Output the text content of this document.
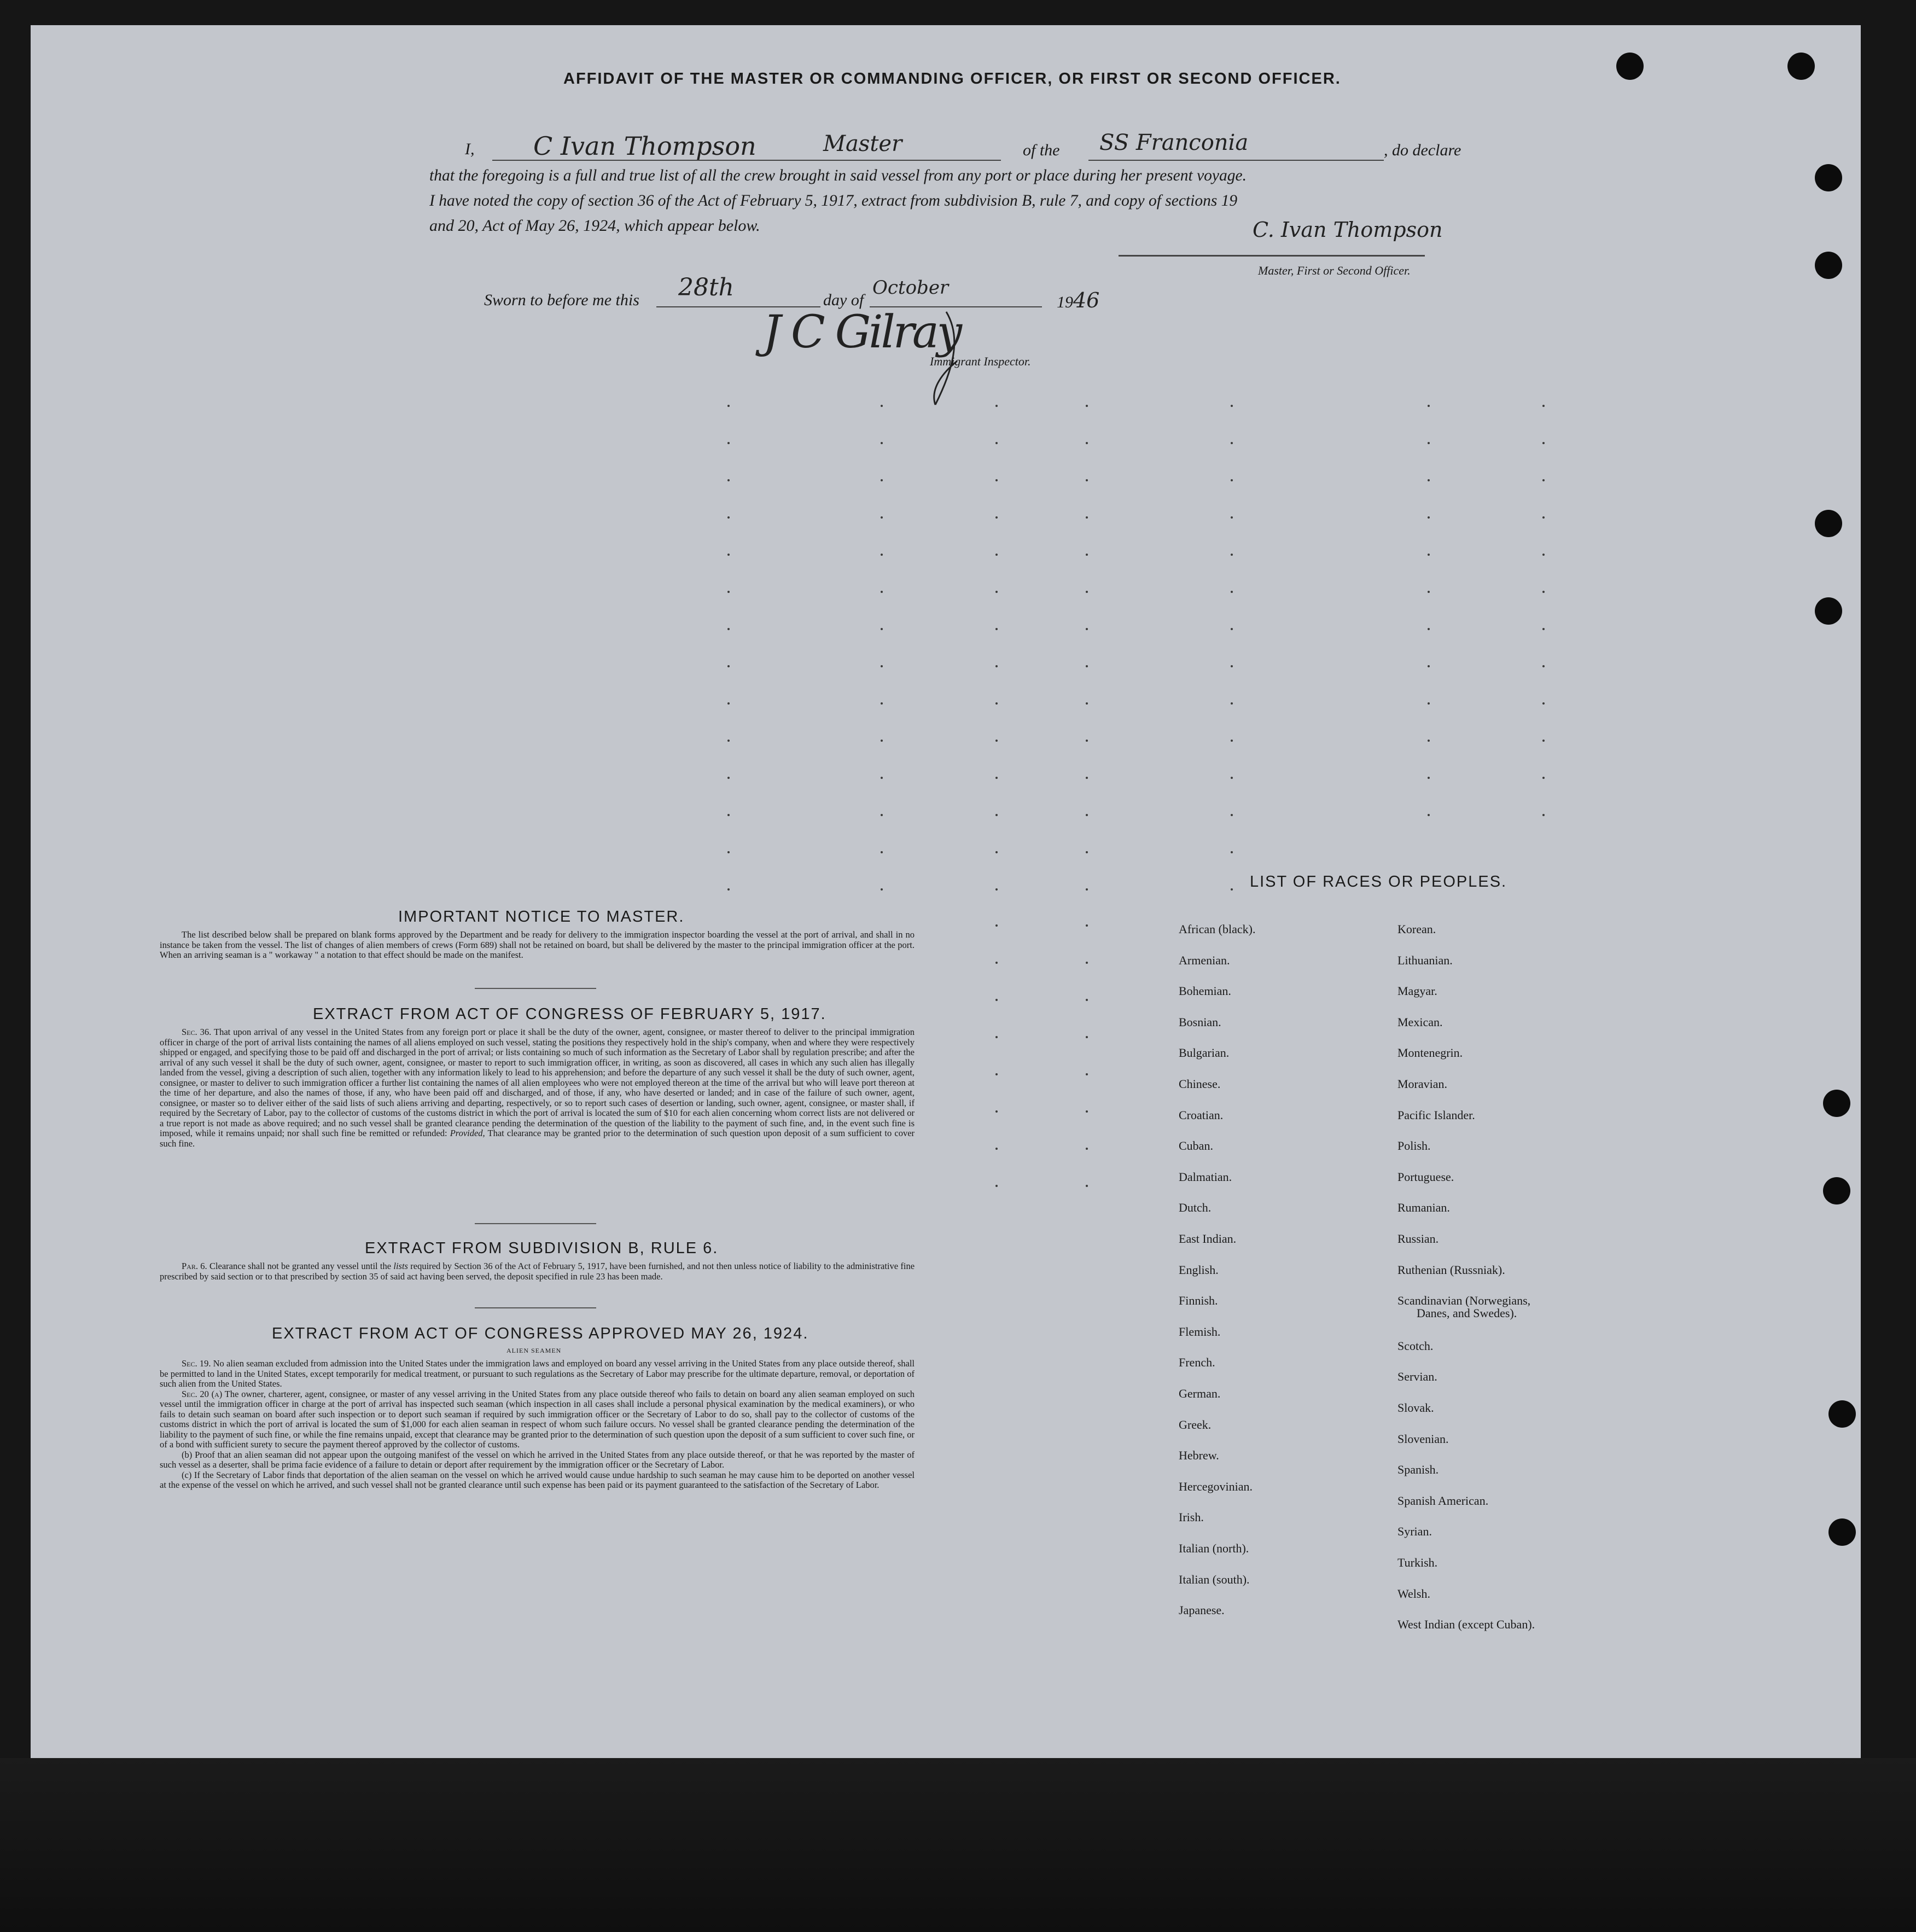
AFFIDAVIT OF THE MASTER OR COMMANDING OFFICER, OR FIRST OR SECOND OFFICER.
I, C Ivan Thompson	Master	of the SS Franconia	, do declare
that the foregoing is a full and true list of all the crew brought in said vessel from any port or place during her present voyage.
I have noted the copy of section 36 of the Act of February 5, 1917, extract from subdivision B, rule 7, and copy of sections 19
and 20, Act of May 26, 1924, which appear below.	C. Ivan Thompson
Master, First or Second Officer.
Sworn to before me this 28th	day of
October
1946
J C Gilray
Immigrant Inspector.
IMPORTANT NOTICE TO MASTER.

The list described below shall be prepared on blank forms approved by the Department and be ready for delivery to the immigration inspector boarding the vessel at the port of arrival, and shall in no instance be taken from the vessel. The list of changes of alien members of crews (Form 689) shall not be retained on board, but shall be delivered by the master to the principal immigration officer at the port. When an arriving seaman is a " workaway " a notation to that effect should be made on the manifest.

EXTRACT FROM ACT OF CONGRESS OF FEBRUARY 5, 1917.

Sec. 36. That upon arrival of any vessel in the United States from any foreign port or place it shall be the duty of the owner, agent, consignee, or master thereof to deliver to the principal immigration officer in charge of the port of arrival lists containing the names of all aliens employed on such vessel, stating the positions they respectively hold in the ship's company, when and where they were respectively shipped or engaged, and specifying those to be paid off and discharged in the port of arrival; or lists containing so much of such information as the Secretary of Labor shall by regulation prescribe; and after the arrival of any such vessel it shall be the duty of such owner, agent, consignee, or master to report to such immigration officer, in writing, as soon as discovered, all cases in which any such alien has illegally landed from the vessel, giving a description of such alien, together with any information likely to lead to his apprehension; and before the departure of any such vessel it shall be the duty of such owner, agent, consignee, or master to deliver to such immigration officer a further list containing the names of all alien employees who were not employed thereon at the time of the arrival but who will leave port thereon at the time of her departure, and also the names of those, if any, who have been paid off and discharged, and of those, if any, who have deserted or landed; and in case of the failure of such owner, agent, consignee, or master so to deliver either of the said lists of such aliens arriving and departing, respectively, or so to report such cases of desertion or landing, such owner, agent, consignee, or master shall, if required by the Secretary of Labor, pay to the collector of customs of the customs district in which the port of arrival is located the sum of $10 for each alien concerning whom correct lists are not delivered or a true report is not made as above required; and no such vessel shall be granted clearance pending the determination of the question of the liability to the payment of such fine, and, in the event such fine is imposed, while it remains unpaid; nor shall such fine be remitted or refunded: Provided, That clearance may be granted prior to the determination of such question upon deposit of a sum sufficient to cover such fine.

EXTRACT FROM SUBDIVISION B, RULE 6.

Par. 6. Clearance shall not be granted any vessel until the lists required by Section 36 of the Act of February 5, 1917, have been furnished, and not then unless notice of liability to the administrative fine prescribed by said section or to that prescribed by section 35 of said act having been served, the deposit specified in rule 23 has been made.

EXTRACT FROM ACT OF CONGRESS APPROVED MAY 26, 1924.
ALIEN SEAMEN

Sec. 19. No alien seaman excluded from admission into the United States under the immigration laws and employed on board any vessel arriving in the United States from any place outside thereof, shall be permitted to land in the United States, except temporarily for medical treatment, or pursuant to such regulations as the Secretary of Labor may prescribe for the ultimate departure, removal, or deportation of such alien from the United States.

Sec. 20 (a) The owner, charterer, agent, consignee, or master of any vessel arriving in the United States from any place outside thereof who fails to detain on board any alien seaman employed on such vessel until the immigration officer in charge at the port of arrival has inspected such seaman (which inspection in all cases shall include a personal physical examination by the medical examiners), or who fails to detain such seaman on board after such inspection or to deport such seaman if required by such immigration officer or the Secretary of Labor to do so, shall pay to the collector of customs of the customs district in which the port of arrival is located the sum of $1,000 for each alien seaman in respect of whom such failure occurs. No vessel shall be granted clearance pending the determination of the liability to the payment of such fine, or while the fine remains unpaid, except that clearance may be granted prior to the determination of such question upon the deposit of a sum sufficient to cover such fine, or of a bond with sufficient surety to secure the payment thereof approved by the collector of customs.

(b) Proof that an alien seaman did not appear upon the outgoing manifest of the vessel on which he arrived in the United States from any place outside thereof, or that he was reported by the master of such vessel as a deserter, shall be prima facie evidence of a failure to detain or deport after requirement by the immigration officer or the Secretary of Labor.

(c) If the Secretary of Labor finds that deportation of the alien seaman on the vessel on which he arrived would cause undue hardship to such seaman he may cause him to be deported on another vessel at the expense of the vessel on which he arrived, and such vessel shall not be granted clearance until such expense has been paid or its payment guaranteed to the satisfaction of the Secretary of Labor.

LIST OF RACES OR PEOPLES.
African (black).
Armenian.
Bohemian.
Bosnian.
Bulgarian.
Chinese.
Croatian.
Cuban.
Dalmatian.
Dutch.
East Indian.
English.
Finnish.
Flemish.
French.
German.
Greek.
Hebrew.
Hercegovinian.
Irish.
Italian (north).
Italian (south).
Japanese.
Korean.
Lithuanian.
Magyar.
Mexican.
Montenegrin.
Moravian.
Pacific Islander.
Polish.
Portuguese.
Rumanian.
Russian.
Ruthenian (Russniak).
Scandinavian (Norwegians,
Scotch.
Servian.
Slovak.
Slovenian.
Spanish.
Spanish American.
Syrian.
Turkish.
Welsh.
West Indian (except Cuban).
Danes, and Swedes).
